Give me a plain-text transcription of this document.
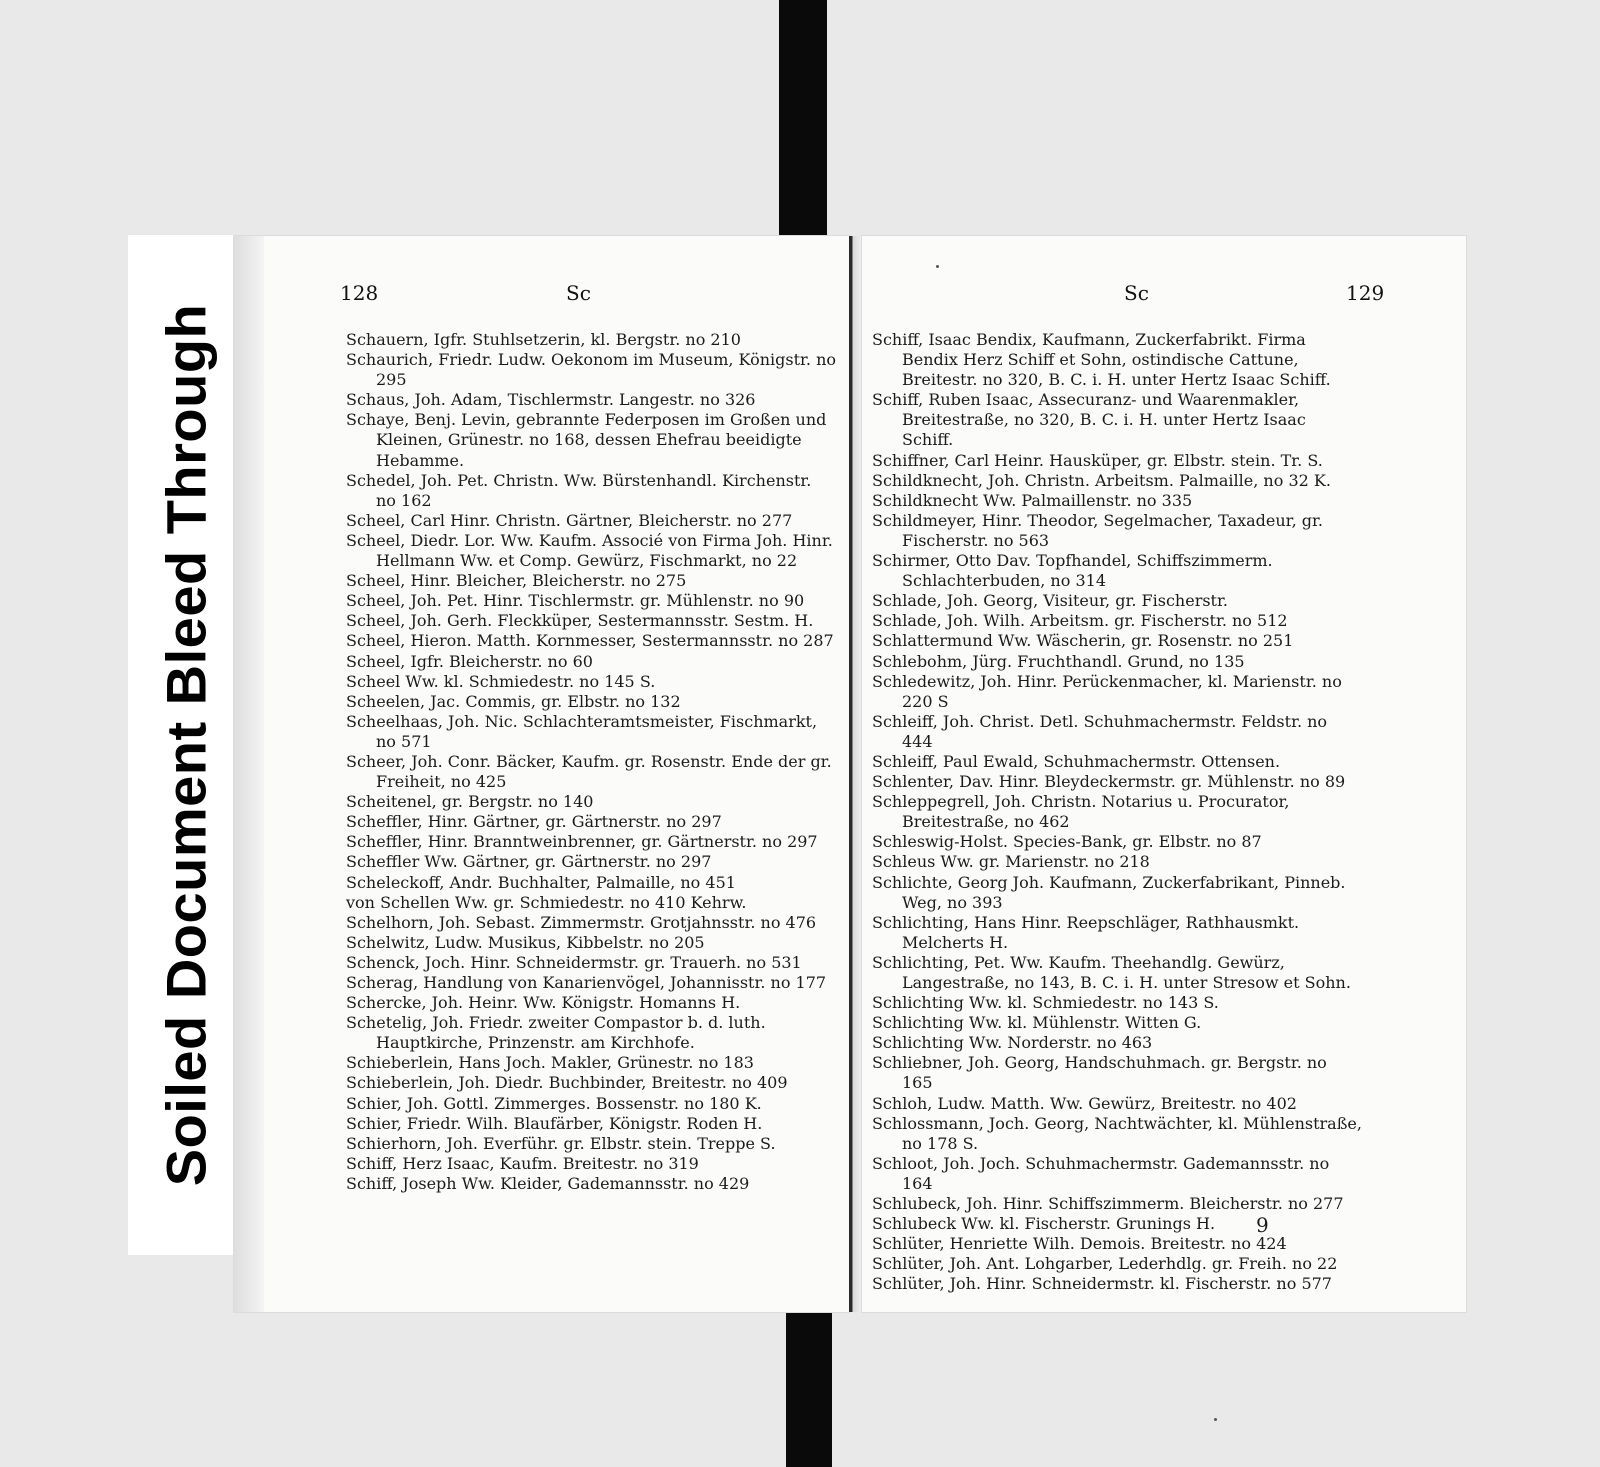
Soiled Document Bleed Through
128	Sc
Schauern, Igfr. Stuhlsetzerin, kl. Bergstr. no 210
Schaurich, Friedr. Ludw. Oekonom im Museum, Königstr. no 295
Schaus, Joh. Adam, Tischlermstr. Langestr. no 326
Schaye, Benj. Levin, gebrannte Federposen im Großen und Kleinen, Grünestr. no 168, dessen Ehefrau beeidigte Hebamme.
Schedel, Joh. Pet. Christn. Ww. Bürstenhandl. Kirchenstr. no 162
Scheel, Carl Hinr. Christn. Gärtner, Bleicherstr. no 277
Scheel, Diedr. Lor. Ww. Kaufm. Associé von Firma Joh. Hinr. Hellmann Ww. et Comp. Gewürz, Fischmarkt, no 22
Scheel, Hinr. Bleicher, Bleicherstr. no 275
Scheel, Joh. Pet. Hinr. Tischlermstr. gr. Mühlenstr. no 90
Scheel, Joh. Gerh. Fleckküper, Sestermannsstr. Sestm. H.
Scheel, Hieron. Matth. Kornmesser, Sestermannsstr. no 287
Scheel, Igfr. Bleicherstr. no 60
Scheel Ww. kl. Schmiedestr. no 145 S.
Scheelen, Jac. Commis, gr. Elbstr. no 132
Scheelhaas, Joh. Nic. Schlachteramtsmeister, Fischmarkt, no 571
Scheer, Joh. Conr. Bäcker, Kaufm. gr. Rosenstr. Ende der gr. Freiheit, no 425
Scheitenel, gr. Bergstr. no 140
Scheffler, Hinr. Gärtner, gr. Gärtnerstr. no 297
Scheffler, Hinr. Branntweinbrenner, gr. Gärtnerstr. no 297
Scheffler Ww. Gärtner, gr. Gärtnerstr. no 297
Scheleckoff, Andr. Buchhalter, Palmaille, no 451
von Schellen Ww. gr. Schmiedestr. no 410 Kehrw.
Schelhorn, Joh. Sebast. Zimmermstr. Grotjahnsstr. no 476
Schelwitz, Ludw. Musikus, Kibbelstr. no 205
Schenck, Joch. Hinr. Schneidermstr. gr. Trauerh. no 531
Scherag, Handlung von Kanarienvögel, Johannisstr. no 177
Schercke, Joh. Heinr. Ww. Königstr. Homanns H.
Schetelig, Joh. Friedr. zweiter Compastor b. d. luth. Hauptkirche, Prinzenstr. am Kirchhofe.
Schieberlein, Hans Joch. Makler, Grünestr. no 183
Schieberlein, Joh. Diedr. Buchbinder, Breitestr. no 409
Schier, Joh. Gottl. Zimmerges. Bossenstr. no 180 K.
Schier, Friedr. Wilh. Blaufärber, Königstr. Roden H.
Schierhorn, Joh. Everführ. gr. Elbstr. stein. Treppe S.
Schiff, Herz Isaac, Kaufm. Breitestr. no 319
Schiff, Joseph Ww. Kleider, Gademannsstr. no 429
Sc	129
Schiff, Isaac Bendix, Kaufmann, Zuckerfabrikt. Firma Bendix Herz Schiff et Sohn, ostindische Cattune, Breitestr. no 320, B. C. i. H. unter Hertz Isaac Schiff.
Schiff, Ruben Isaac, Assecuranz- und Waarenmakler, Breitestraße, no 320, B. C. i. H. unter Hertz Isaac Schiff.
Schiffner, Carl Heinr. Hausküper, gr. Elbstr. stein. Tr. S.
Schildknecht, Joh. Christn. Arbeitsm. Palmaille, no 32 K.
Schildknecht Ww. Palmaillenstr. no 335
Schildmeyer, Hinr. Theodor, Segelmacher, Taxadeur, gr. Fischerstr. no 563
Schirmer, Otto Dav. Topfhandel, Schiffszimmerm. Schlachterbuden, no 314
Schlade, Joh. Georg, Visiteur, gr. Fischerstr.
Schlade, Joh. Wilh. Arbeitsm. gr. Fischerstr. no 512
Schlattermund Ww. Wäscherin, gr. Rosenstr. no 251
Schlebohm, Jürg. Fruchthandl. Grund, no 135
Schledewitz, Joh. Hinr. Perückenmacher, kl. Marienstr. no 220 S
Schleiff, Joh. Christ. Detl. Schuhmachermstr. Feldstr. no 444
Schleiff, Paul Ewald, Schuhmachermstr. Ottensen.
Schlenter, Dav. Hinr. Bleydeckermstr. gr. Mühlenstr. no 89
Schleppegrell, Joh. Christn. Notarius u. Procurator, Breitestraße, no 462
Schleswig-Holst. Species-Bank, gr. Elbstr. no 87
Schleus Ww. gr. Marienstr. no 218
Schlichte, Georg Joh. Kaufmann, Zuckerfabrikant, Pinneb. Weg, no 393
Schlichting, Hans Hinr. Reepschläger, Rathhausmkt. Melcherts H.
Schlichting, Pet. Ww. Kaufm. Theehandlg. Gewürz, Langestraße, no 143, B. C. i. H. unter Stresow et Sohn.
Schlichting Ww. kl. Schmiedestr. no 143 S.
Schlichting Ww. kl. Mühlenstr. Witten G.
Schlichting Ww. Norderstr. no 463
Schliebner, Joh. Georg, Handschuhmach. gr. Bergstr. no 165
Schloh, Ludw. Matth. Ww. Gewürz, Breitestr. no 402
Schlossmann, Joch. Georg, Nachtwächter, kl. Mühlenstraße, no 178 S.
Schloot, Joh. Joch. Schuhmachermstr. Gademannsstr. no 164
Schlubeck, Joh. Hinr. Schiffszimmerm. Bleicherstr. no 277
Schlubeck Ww. kl. Fischerstr. Grunings H.
Schlüter, Henriette Wilh. Demois. Breitestr. no 424
Schlüter, Joh. Ant. Lohgarber, Lederhdlg. gr. Freih. no 22
Schlüter, Joh. Hinr. Schneidermstr. kl. Fischerstr. no 577
9
